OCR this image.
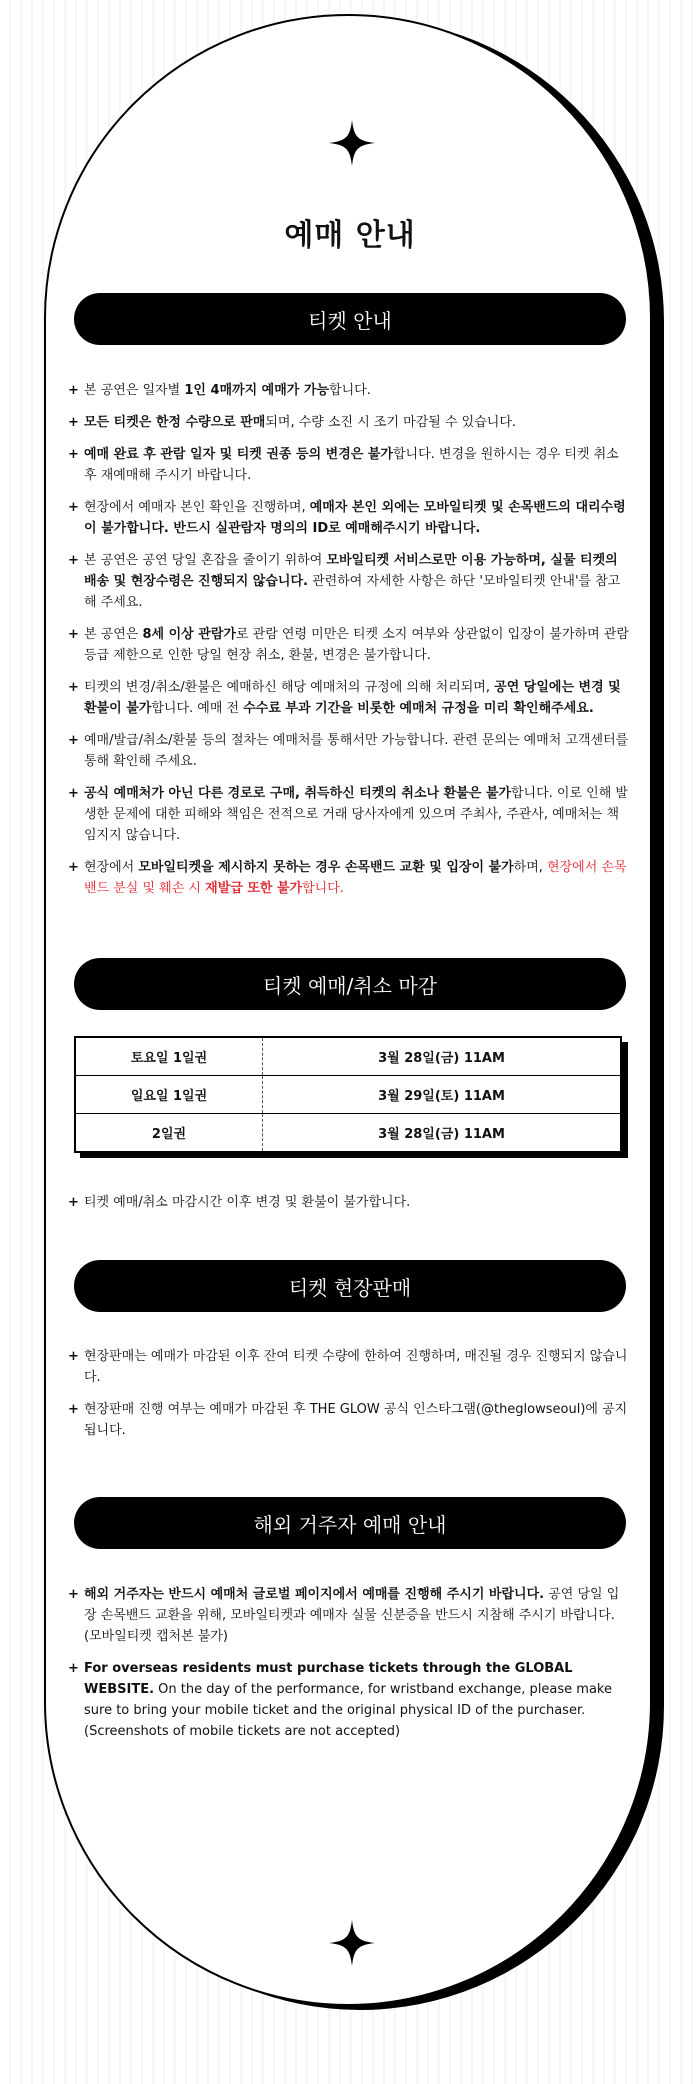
예매 안내
티켓 안내
+ 본 공연은 일자별 1인 4매까지 예매가 가능합니다.
+ 모든 티켓은 한정 수량으로 판매되며, 수량 소진 시 조기 마감될 수 있습니다.
+ 예매 완료 후 관람 일자 및 티켓 권종 등의 변경은 불가합니다. 변경을 원하시는 경우 티켓 취소 후 재예매해 주시기 바랍니다.
+ 현장에서 예매자 본인 확인을 진행하며, 예매자 본인 외에는 모바일티켓 및 손목밴드의 대리수령이 불가합니다. 반드시 실관람자 명의의 ID로 예매해주시기 바랍니다.
+ 본 공연은 공연 당일 혼잡을 줄이기 위하여 모바일티켓 서비스로만 이용 가능하며, 실물 티켓의 배송 및 현장수령은 진행되지 않습니다. 관련하여 자세한 사항은 하단 '모바일티켓 안내'를 참고해 주세요.
+ 본 공연은 8세 이상 관람가로 관람 연령 미만은 티켓 소지 여부와 상관없이 입장이 불가하며 관람 등급 제한으로 인한 당일 현장 취소, 환불, 변경은 불가합니다.
+ 티켓의 변경/취소/환불은 예매하신 해당 예매처의 규정에 의해 처리되며, 공연 당일에는 변경 및 환불이 불가합니다. 예매 전 수수료 부과 기간을 비롯한 예매처 규정을 미리 확인해주세요.
+ 예매/발급/취소/환불 등의 절차는 예매처를 통해서만 가능합니다. 관련 문의는 예매처 고객센터를 통해 확인해 주세요.
+ 공식 예매처가 아닌 다른 경로로 구매, 취득하신 티켓의 취소나 환불은 불가합니다. 이로 인해 발생한 문제에 대한 피해와 책임은 전적으로 거래 당사자에게 있으며 주최사, 주관사, 예매처는 책임지지 않습니다.
+ 현장에서 모바일티켓을 제시하지 못하는 경우 손목밴드 교환 및 입장이 불가하며, 현장에서 손목밴드 분실 및 훼손 시 재발급 또한 불가합니다.
티켓 예매/취소 마감
토요일 1일권	3월 28일(금) 11AM
일요일 1일권	3월 29일(토) 11AM
2일권	3월 28일(금) 11AM
+ 티켓 예매/취소 마감시간 이후 변경 및 환불이 불가합니다.
티켓 현장판매
+ 현장판매는 예매가 마감된 이후 잔여 티켓 수량에 한하여 진행하며, 매진될 경우 진행되지 않습니다.
+ 현장판매 진행 여부는 예매가 마감된 후 THE GLOW 공식 인스타그램(@theglowseoul)에 공지됩니다.
해외 거주자 예매 안내
+ 해외 거주자는 반드시 예매처 글로벌 페이지에서 예매를 진행해 주시기 바랍니다. 공연 당일 입장 손목밴드 교환을 위해, 모바일티켓과 예매자 실물 신분증을 반드시 지참해 주시기 바랍니다. (모바일티켓 캡처본 불가)
+ For overseas residents must purchase tickets through the GLOBAL WEBSITE. On the day of the performance, for wristband exchange, please make sure to bring your mobile ticket and the original physical ID of the purchaser. (Screenshots of mobile tickets are not accepted)
